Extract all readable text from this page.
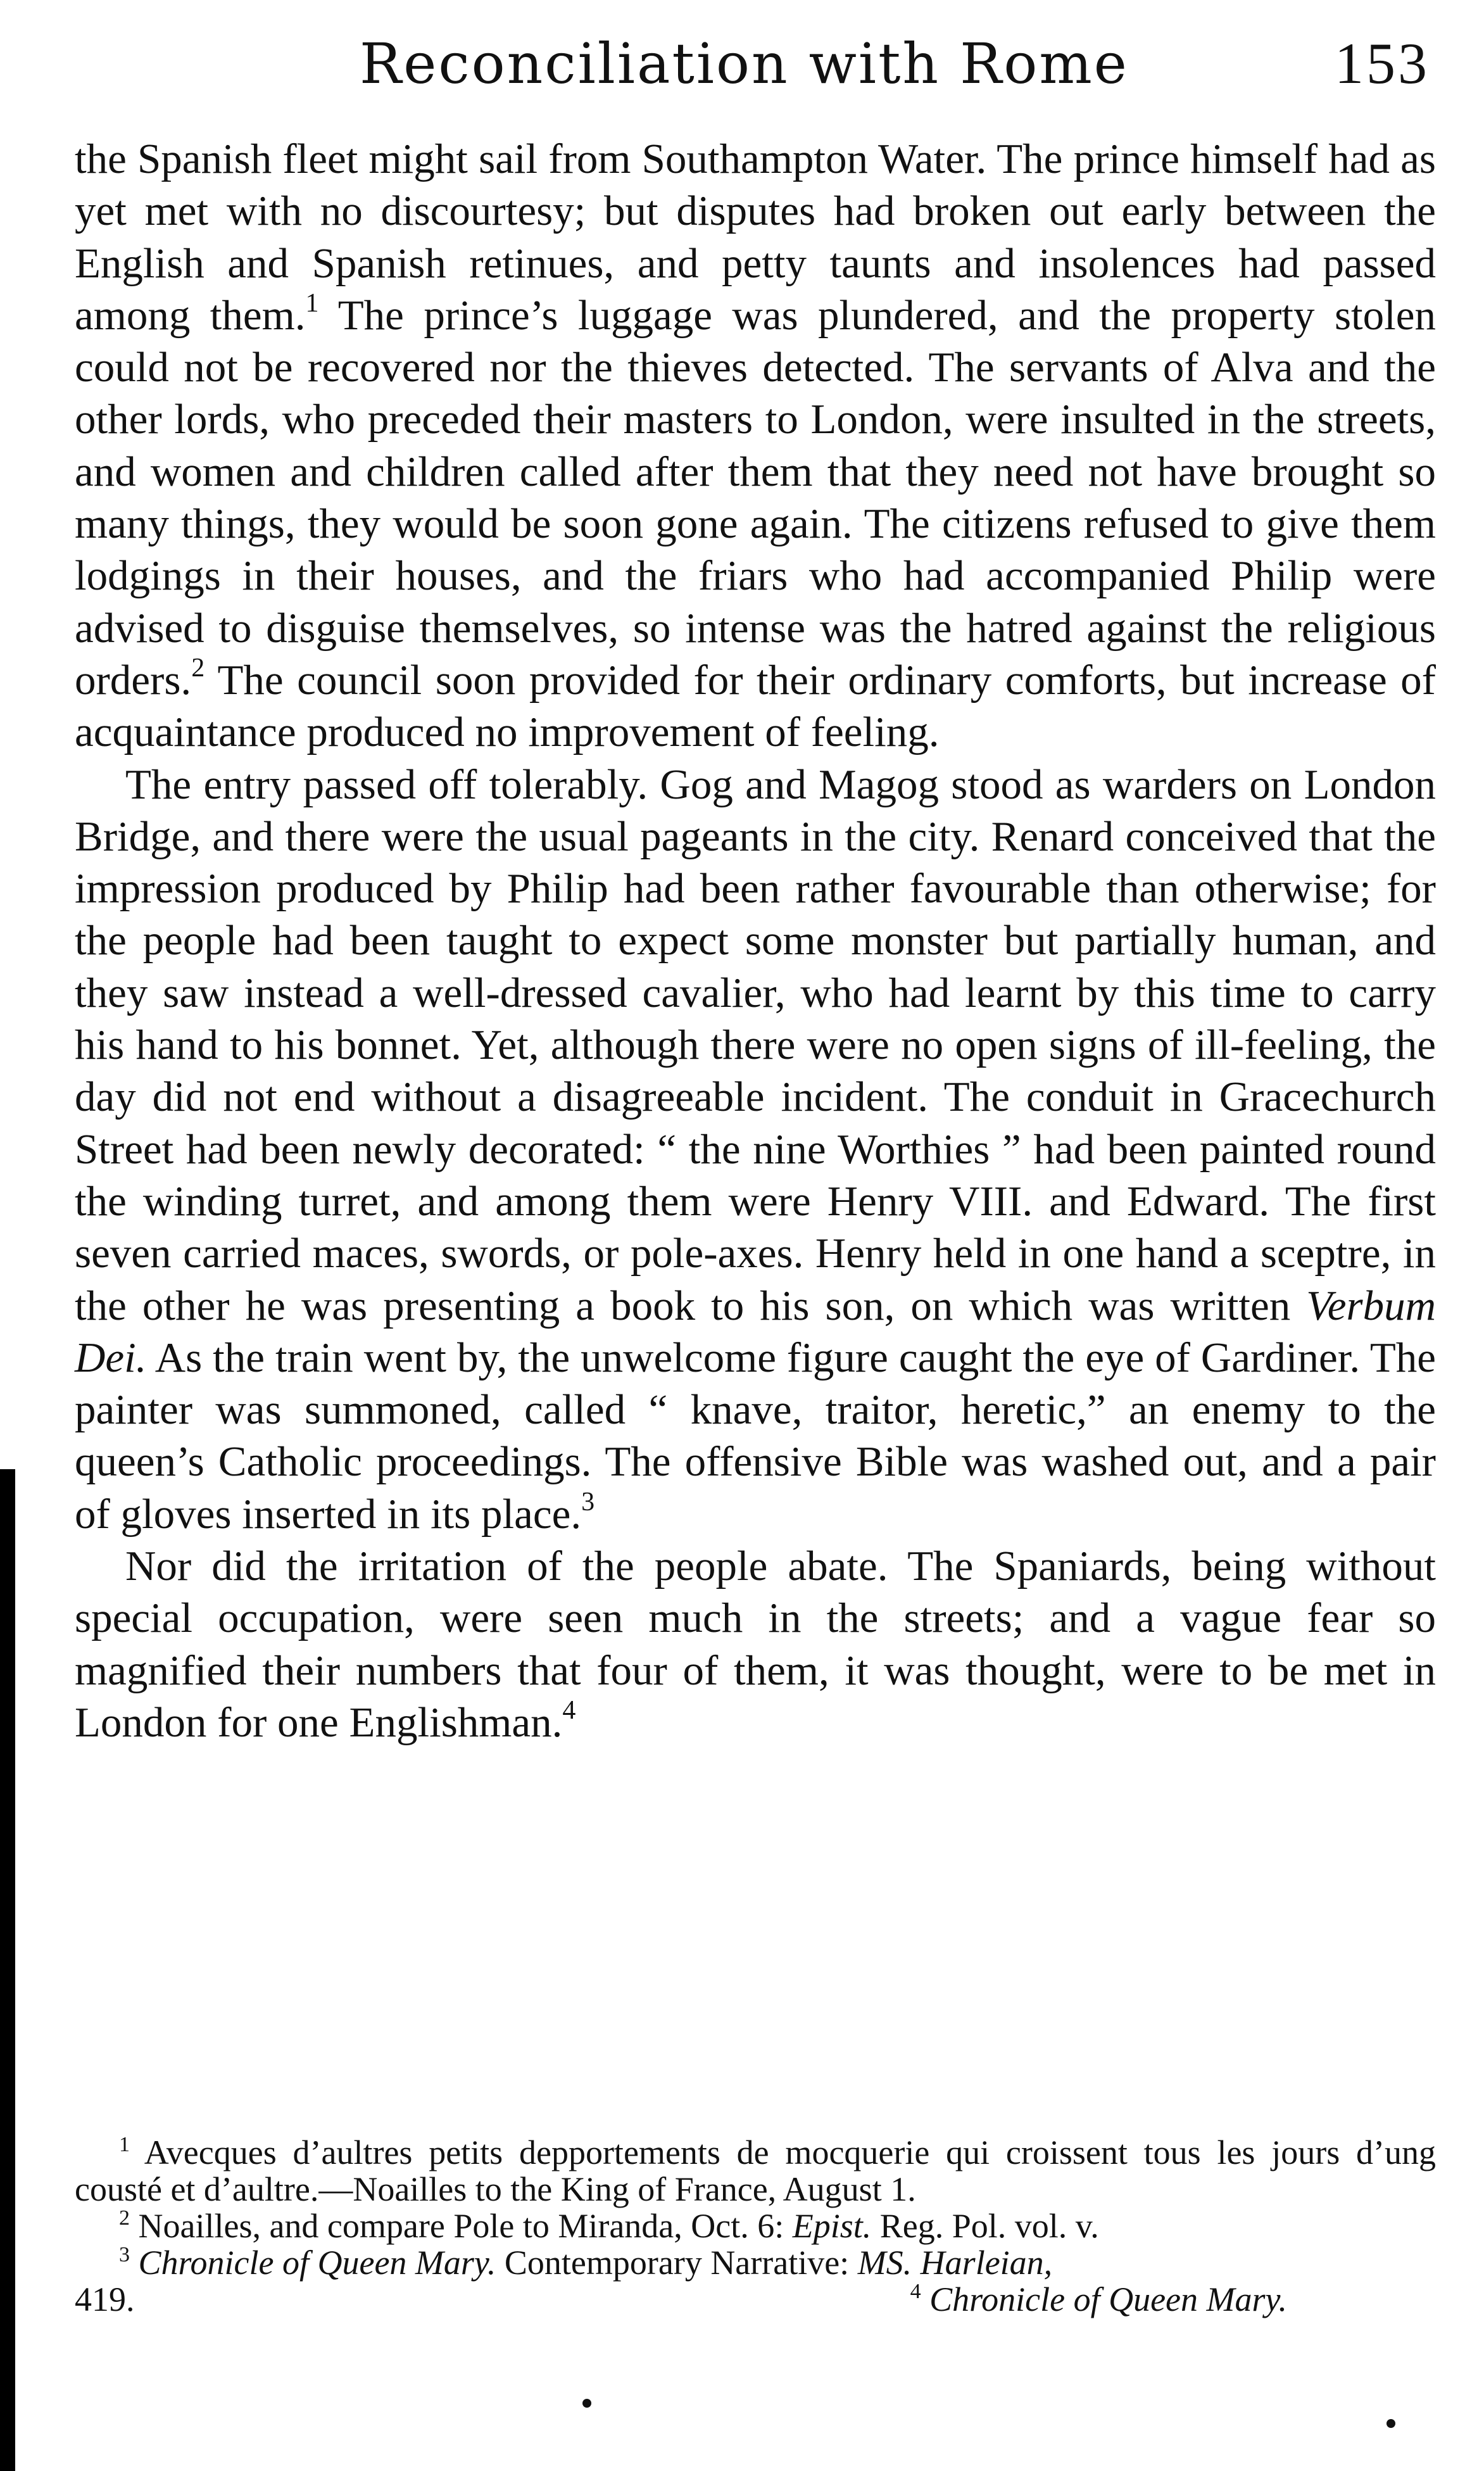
Reconciliation with Rome	153

the Spanish fleet might sail from Southampton Water. The prince himself had as yet met with no discourtesy; but disputes had broken out early between the English and Spanish retinues, and petty taunts and insolences had passed among them.$^1$ The prince’s luggage was plundered, and the property stolen could not be recovered nor the thieves detected. The servants of Alva and the other lords, who preceded their masters to London, were insulted in the streets, and women and children called after them that they need not have brought so many things, they would be soon gone again. The citizens refused to give them lodgings in their houses, and the friars who had accompanied Philip were advised to disguise themselves, so intense was the hatred against the religious orders.$^2$ The council soon provided for their ordinary comforts, but increase of acquaintance produced no improvement of feeling.

The entry passed off tolerably. Gog and Magog stood as warders on London Bridge, and there were the usual pageants in the city. Renard conceived that the impression produced by Philip had been rather favourable than otherwise; for the people had been taught to expect some monster but partially human, and they saw instead a well-dressed cavalier, who had learnt by this time to carry his hand to his bonnet. Yet, although there were no open signs of ill-feeling, the day did not end without a disagreeable incident. The conduit in Gracechurch Street had been newly decorated: “ the nine Worthies ” had been painted round the winding turret, and among them were Henry VIII. and Edward. The first seven carried maces, swords, or pole-axes. Henry held in one hand a sceptre, in the other he was presenting a book to his son, on which was written Verbum Dei. As the train went by, the unwelcome figure caught the eye of Gardiner. The painter was summoned, called “ knave, traitor, heretic,” an enemy to the queen’s Catholic proceedings. The offensive Bible was washed out, and a pair of gloves inserted in its place.$^3$

Nor did the irritation of the people abate. The Spaniards, being without special occupation, were seen much in the streets; and a vague fear so magnified their numbers that four of them, it was thought, were to be met in London for one Englishman.$^4$

$^1$ Avecques d’aultres petits depportements de mocquerie qui croissent tous les jours d’ung cousté et d’aultre.—Noailles to the King of France, August 1.

$^2$ Noailles, and compare Pole to Miranda, Oct. 6: Epist. Reg. Pol. vol. v.

$^3$ Chronicle of Queen Mary. Contemporary Narrative: MS. Harleian,

419.	$^4$ Chronicle of Queen Mary.
